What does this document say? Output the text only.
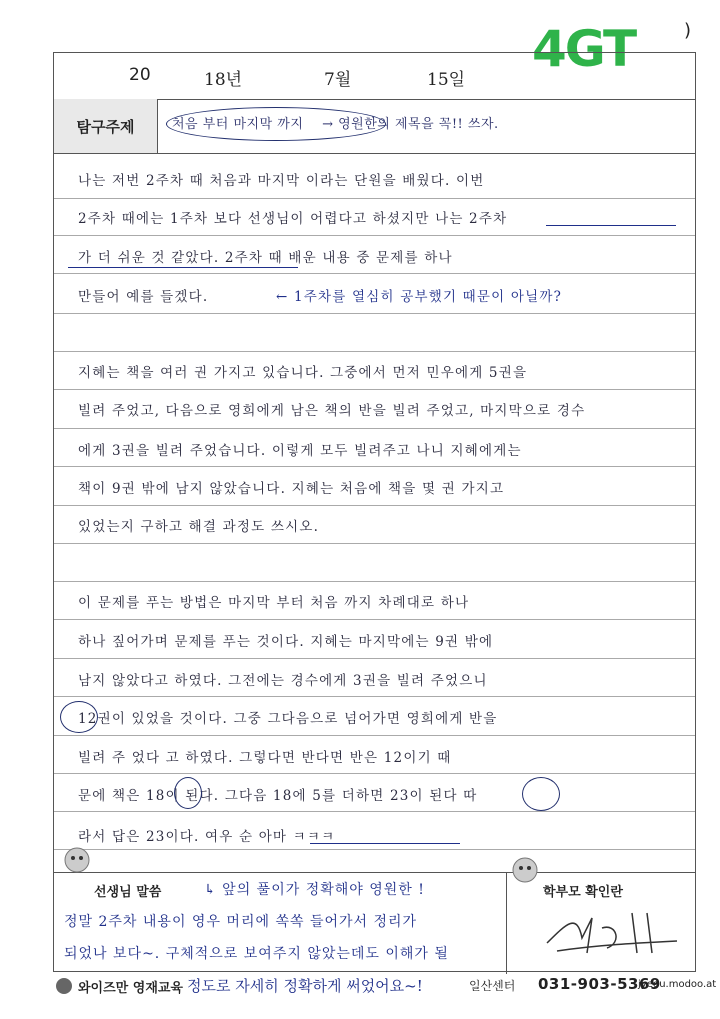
4GT	)
20	18년	7월	15일
탐구주제	처음 부터 마지막 까지 → 영원한의 제목을 꼭!! 쓰자.
나는 저번 2주차 때 처음과 마지막 이라는 단원을 배웠다. 이번
2주차 때에는 1주차 보다 선생님이 어렵다고 하셨지만 나는 2주차
가 더 쉬운 것 같았다. 2주차 때 배운 내용 중 문제를 하나
만들어 예를 들겠다.	← 1주차를 열심히 공부했기 때문이 아닐까?
지혜는 책을 여러 권 가지고 있습니다. 그중에서 먼저 민우에게 5권을
빌려 주었고, 다음으로 영희에게 남은 책의 반을 빌려 주었고, 마지막으로 경수
에게 3권을 빌려 주었습니다. 이렇게 모두 빌려주고 나니 지혜에게는
책이 9권 밖에 남지 않았습니다. 지혜는 처음에 책을 몇 권 가지고
있었는지 구하고 해결 과정도 쓰시오.
이 문제를 푸는 방법은 마지막 부터 처음 까지 차례대로 하나
하나 짚어가며 문제를 푸는 것이다. 지혜는 마지막에는 9권 밖에
남지 않았다고 하였다. 그전에는 경수에게 3권을 빌려 주었으니
12권이 있었을 것이다. 그중 그다음으로 넘어가면 영희에게 반을
빌려 주 었다 고 하였다. 그렇다면 반다면 반은 12이기 때
문에 책은 18이 된다. 그다음 18에 5를 더하면 23이 된다 따
라서 답은 23이다. 여우 순 아마 ㅋㅋㅋ
선생님 말씀	↳ 앞의 풀이가 정확해야 영원한 !
정말 2주차 내용이 영우 머리에 쏙쏙 들어가서 정리가
되었나 보다~. 구체적으로 보여주지 않았는데도 이해가 될
학부모 확인란
와이즈만 영재교육 정도로 자세히 정확하게 써었어요~!	일산센터 031-903-5369
jyedu.modoo.at
